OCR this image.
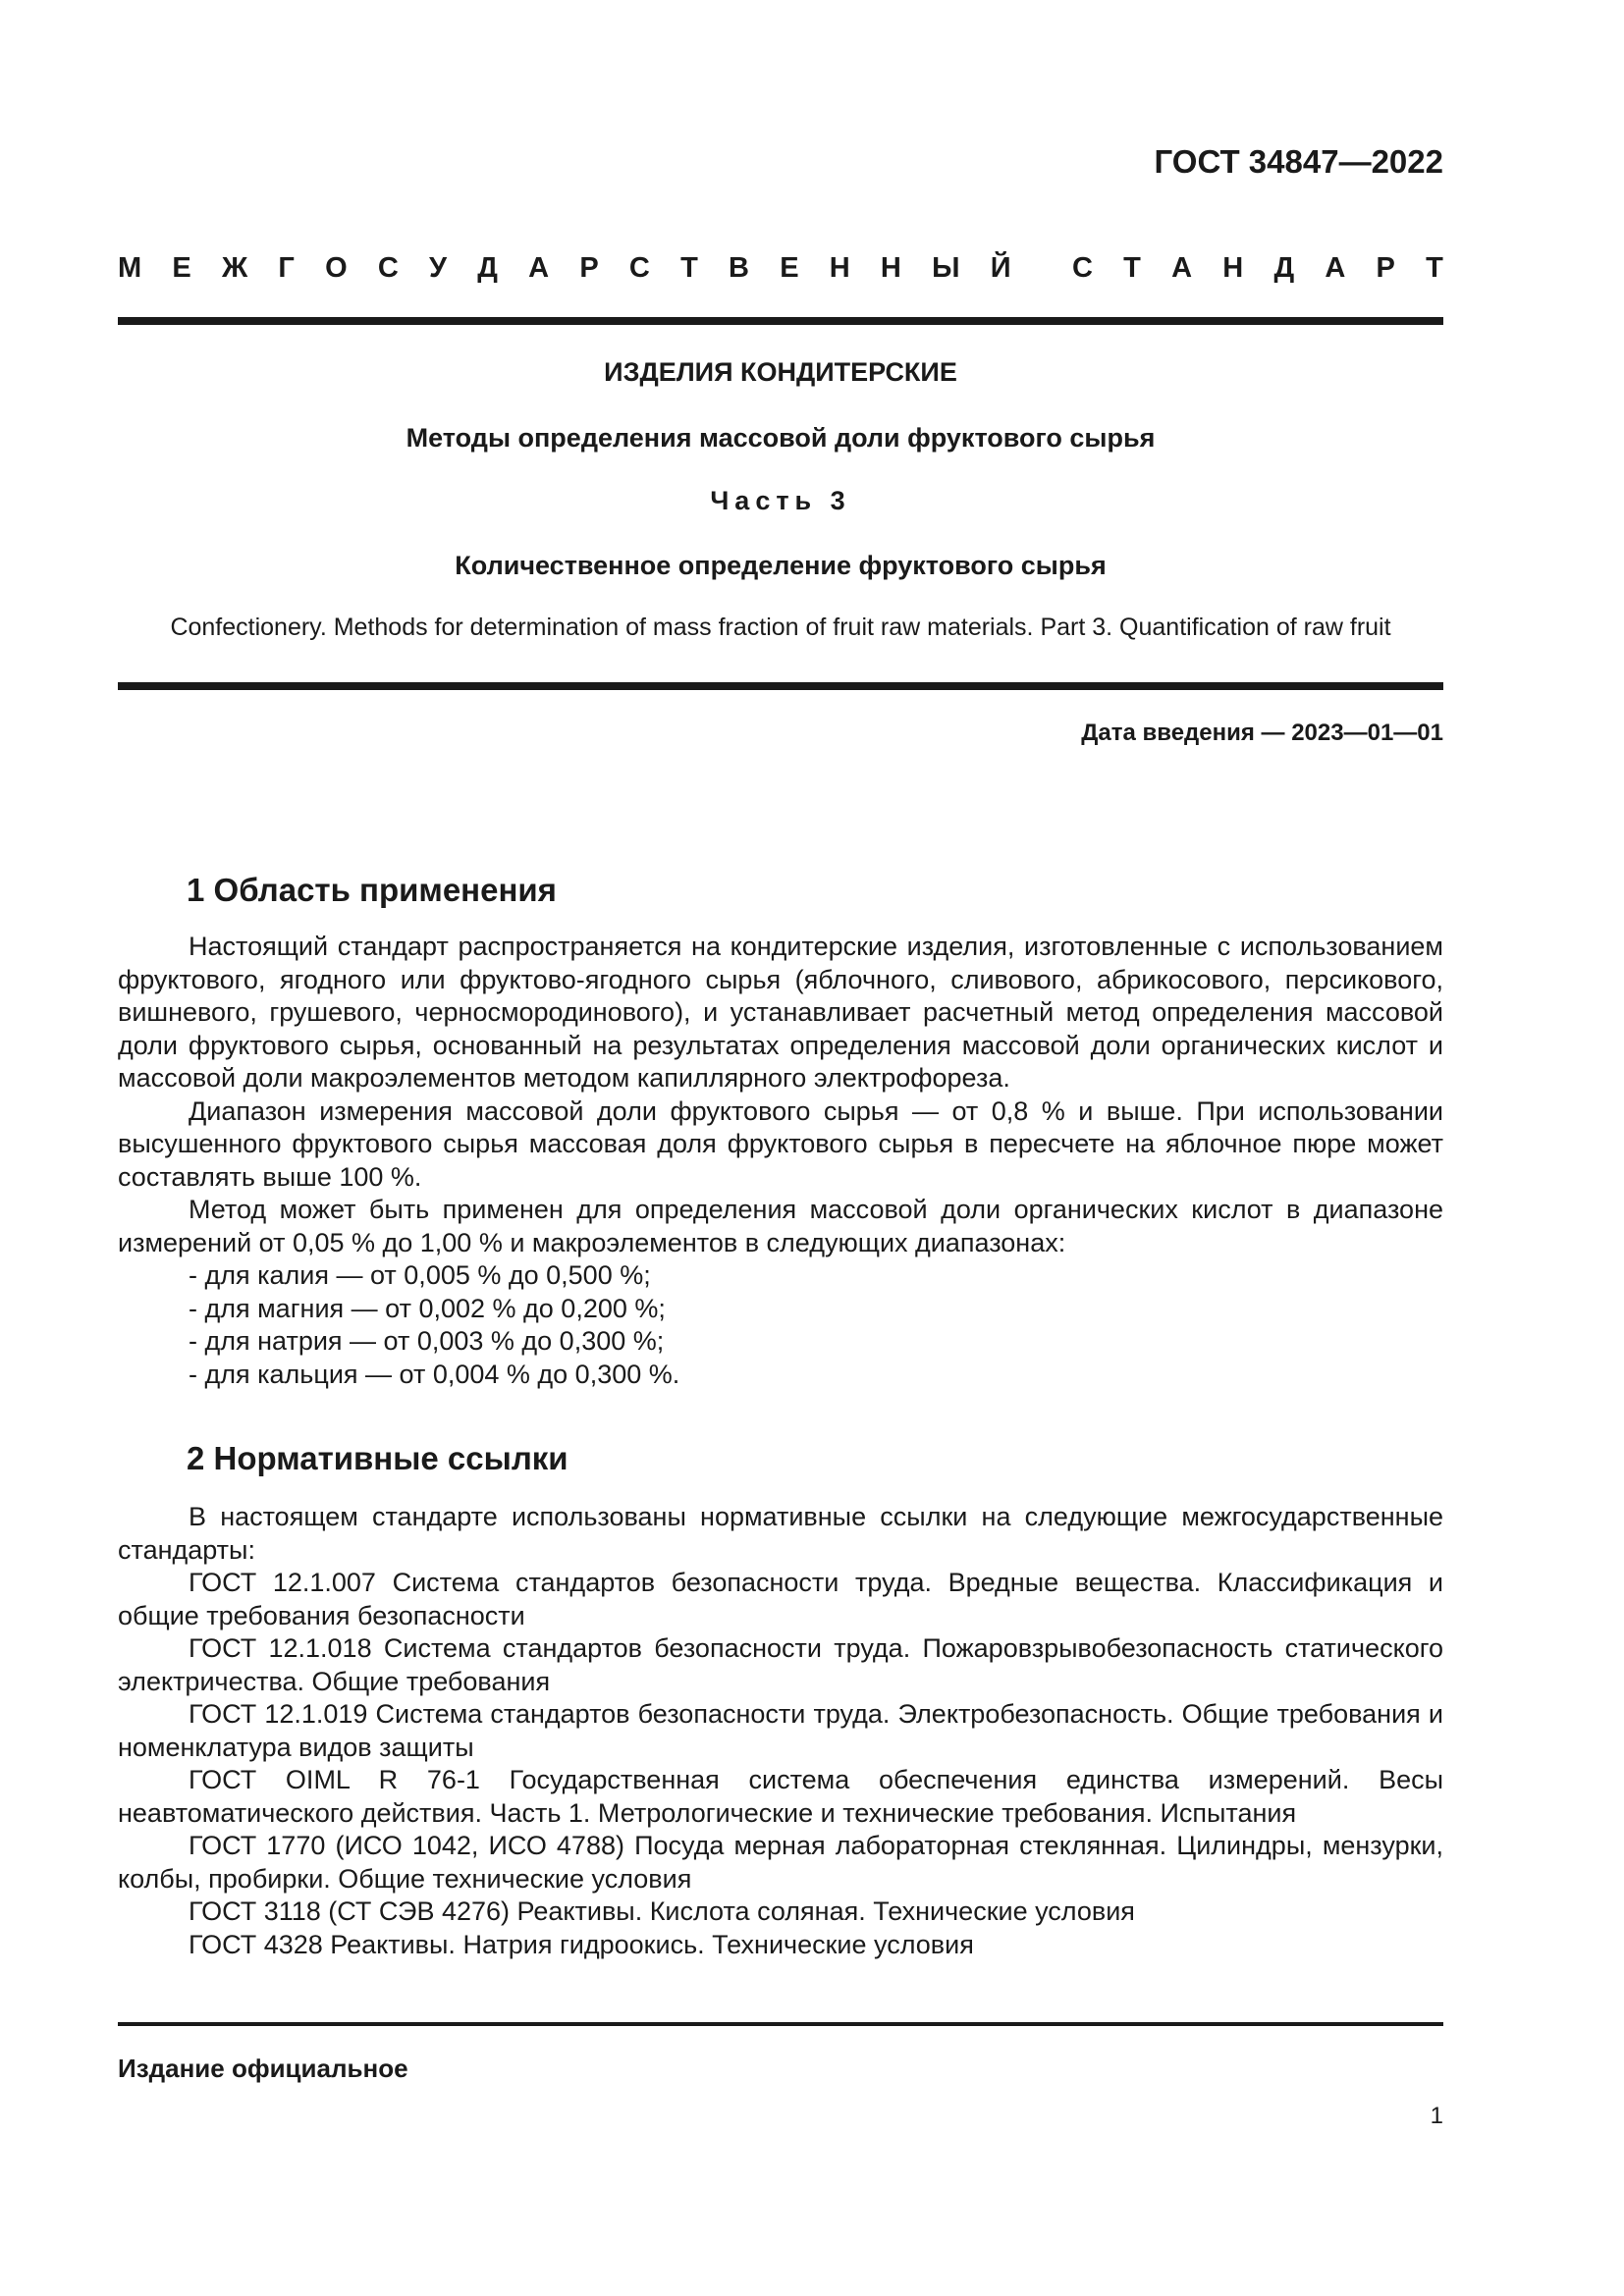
ГОСТ 34847—2022
М Е Ж Г О С У Д А Р С Т В Е Н Н Ы Й С Т А Н Д А Р Т
ИЗДЕЛИЯ КОНДИТЕРСКИЕ
Методы определения массовой доли фруктового сырья
Часть 3
Количественное определение фруктового сырья
Confectionery. Methods for determination of mass fraction of fruit raw materials. Part 3. Quantification of raw fruit
Дата введения — 2023—01—01
1 Область применения

Настоящий стандарт распространяется на кондитерские изделия, изготовленные с использованием фруктового, ягодного или фруктово-ягодного сырья (яблочного, сливового, абрикосового, персикового, вишневого, грушевого, черносмородинового), и устанавливает расчетный метод определения массовой доли фруктового сырья, основанный на результатах определения массовой доли органических кислот и массовой доли макроэлементов методом капиллярного электрофореза.

Диапазон измерения массовой доли фруктового сырья — от 0,8 % и выше. При использовании высушенного фруктового сырья массовая доля фруктового сырья в пересчете на яблочное пюре может составлять выше 100 %.

Метод может быть применен для определения массовой доли органических кислот в диапазоне измерений от 0,05 % до 1,00 % и макроэлементов в следующих диапазонах:

- для калия — от 0,005 % до 0,500 %;

- для магния — от 0,002 % до 0,200 %;

- для натрия — от 0,003 % до 0,300 %;

- для кальция — от 0,004 % до 0,300 %.

2 Нормативные ссылки

В настоящем стандарте использованы нормативные ссылки на следующие межгосударственные стандарты:

ГОСТ 12.1.007 Система стандартов безопасности труда. Вредные вещества. Классификация и общие требования безопасности

ГОСТ 12.1.018 Система стандартов безопасности труда. Пожаровзрывобезопасность статического электричества. Общие требования

ГОСТ 12.1.019 Система стандартов безопасности труда. Электробезопасность. Общие требования и номенклатура видов защиты

ГОСТ OIML R 76-1 Государственная система обеспечения единства измерений. Весы неавтоматического действия. Часть 1. Метрологические и технические требования. Испытания

ГОСТ 1770 (ИСО 1042, ИСО 4788) Посуда мерная лабораторная стеклянная. Цилиндры, мензурки, колбы, пробирки. Общие технические условия

ГОСТ 3118 (СТ СЭВ 4276) Реактивы. Кислота соляная. Технические условия

ГОСТ 4328 Реактивы. Натрия гидроокись. Технические условия

Издание официальное
1
